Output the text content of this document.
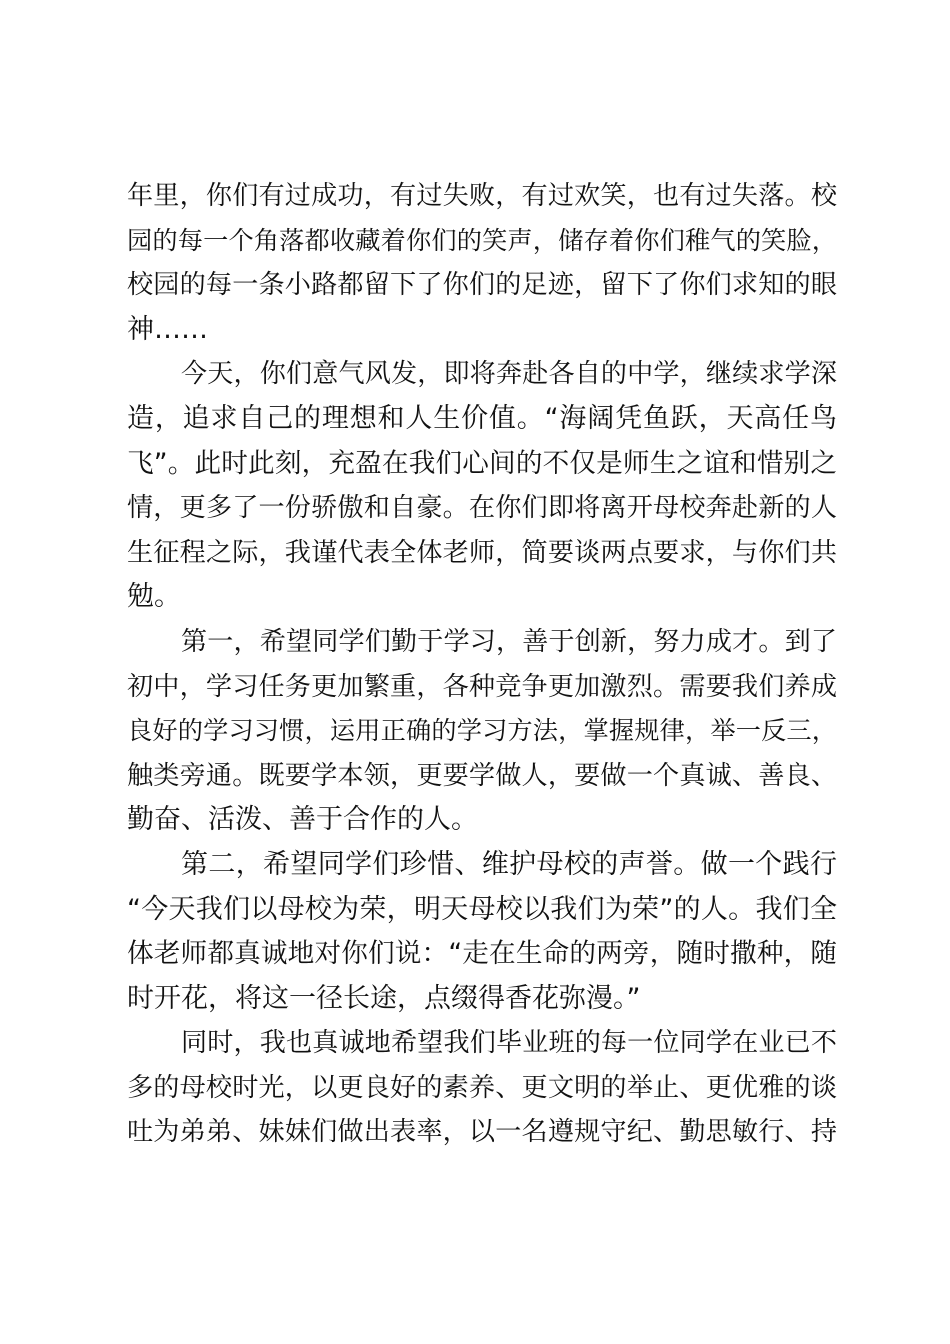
年里，你们有过成功，有过失败，有过欢笑，也有过失落。校
园的每一个角落都收藏着你们的笑声，储存着你们稚气的笑脸，
校园的每一条小路都留下了你们的足迹，留下了你们求知的眼
神……
今天，你们意气风发，即将奔赴各自的中学，继续求学深
造，追求自己的理想和人生价值。“海阔凭鱼跃，天高任鸟
飞”。此时此刻，充盈在我们心间的不仅是师生之谊和惜别之
情，更多了一份骄傲和自豪。在你们即将离开母校奔赴新的人
生征程之际，我谨代表全体老师，简要谈两点要求，与你们共
勉。
第一，希望同学们勤于学习，善于创新，努力成才。到了
初中，学习任务更加繁重，各种竞争更加激烈。需要我们养成
良好的学习习惯，运用正确的学习方法，掌握规律，举一反三，
触类旁通。既要学本领，更要学做人，要做一个真诚、善良、
勤奋、活泼、善于合作的人。
第二，希望同学们珍惜、维护母校的声誉。做一个践行
“今天我们以母校为荣，明天母校以我们为荣”的人。我们全
体老师都真诚地对你们说：“走在生命的两旁，随时撒种，随
时开花，将这一径长途，点缀得香花弥漫。”
同时，我也真诚地希望我们毕业班的每一位同学在业已不
多的母校时光，以更良好的素养、更文明的举止、更优雅的谈
吐为弟弟、妹妹们做出表率，以一名遵规守纪、勤思敏行、持
